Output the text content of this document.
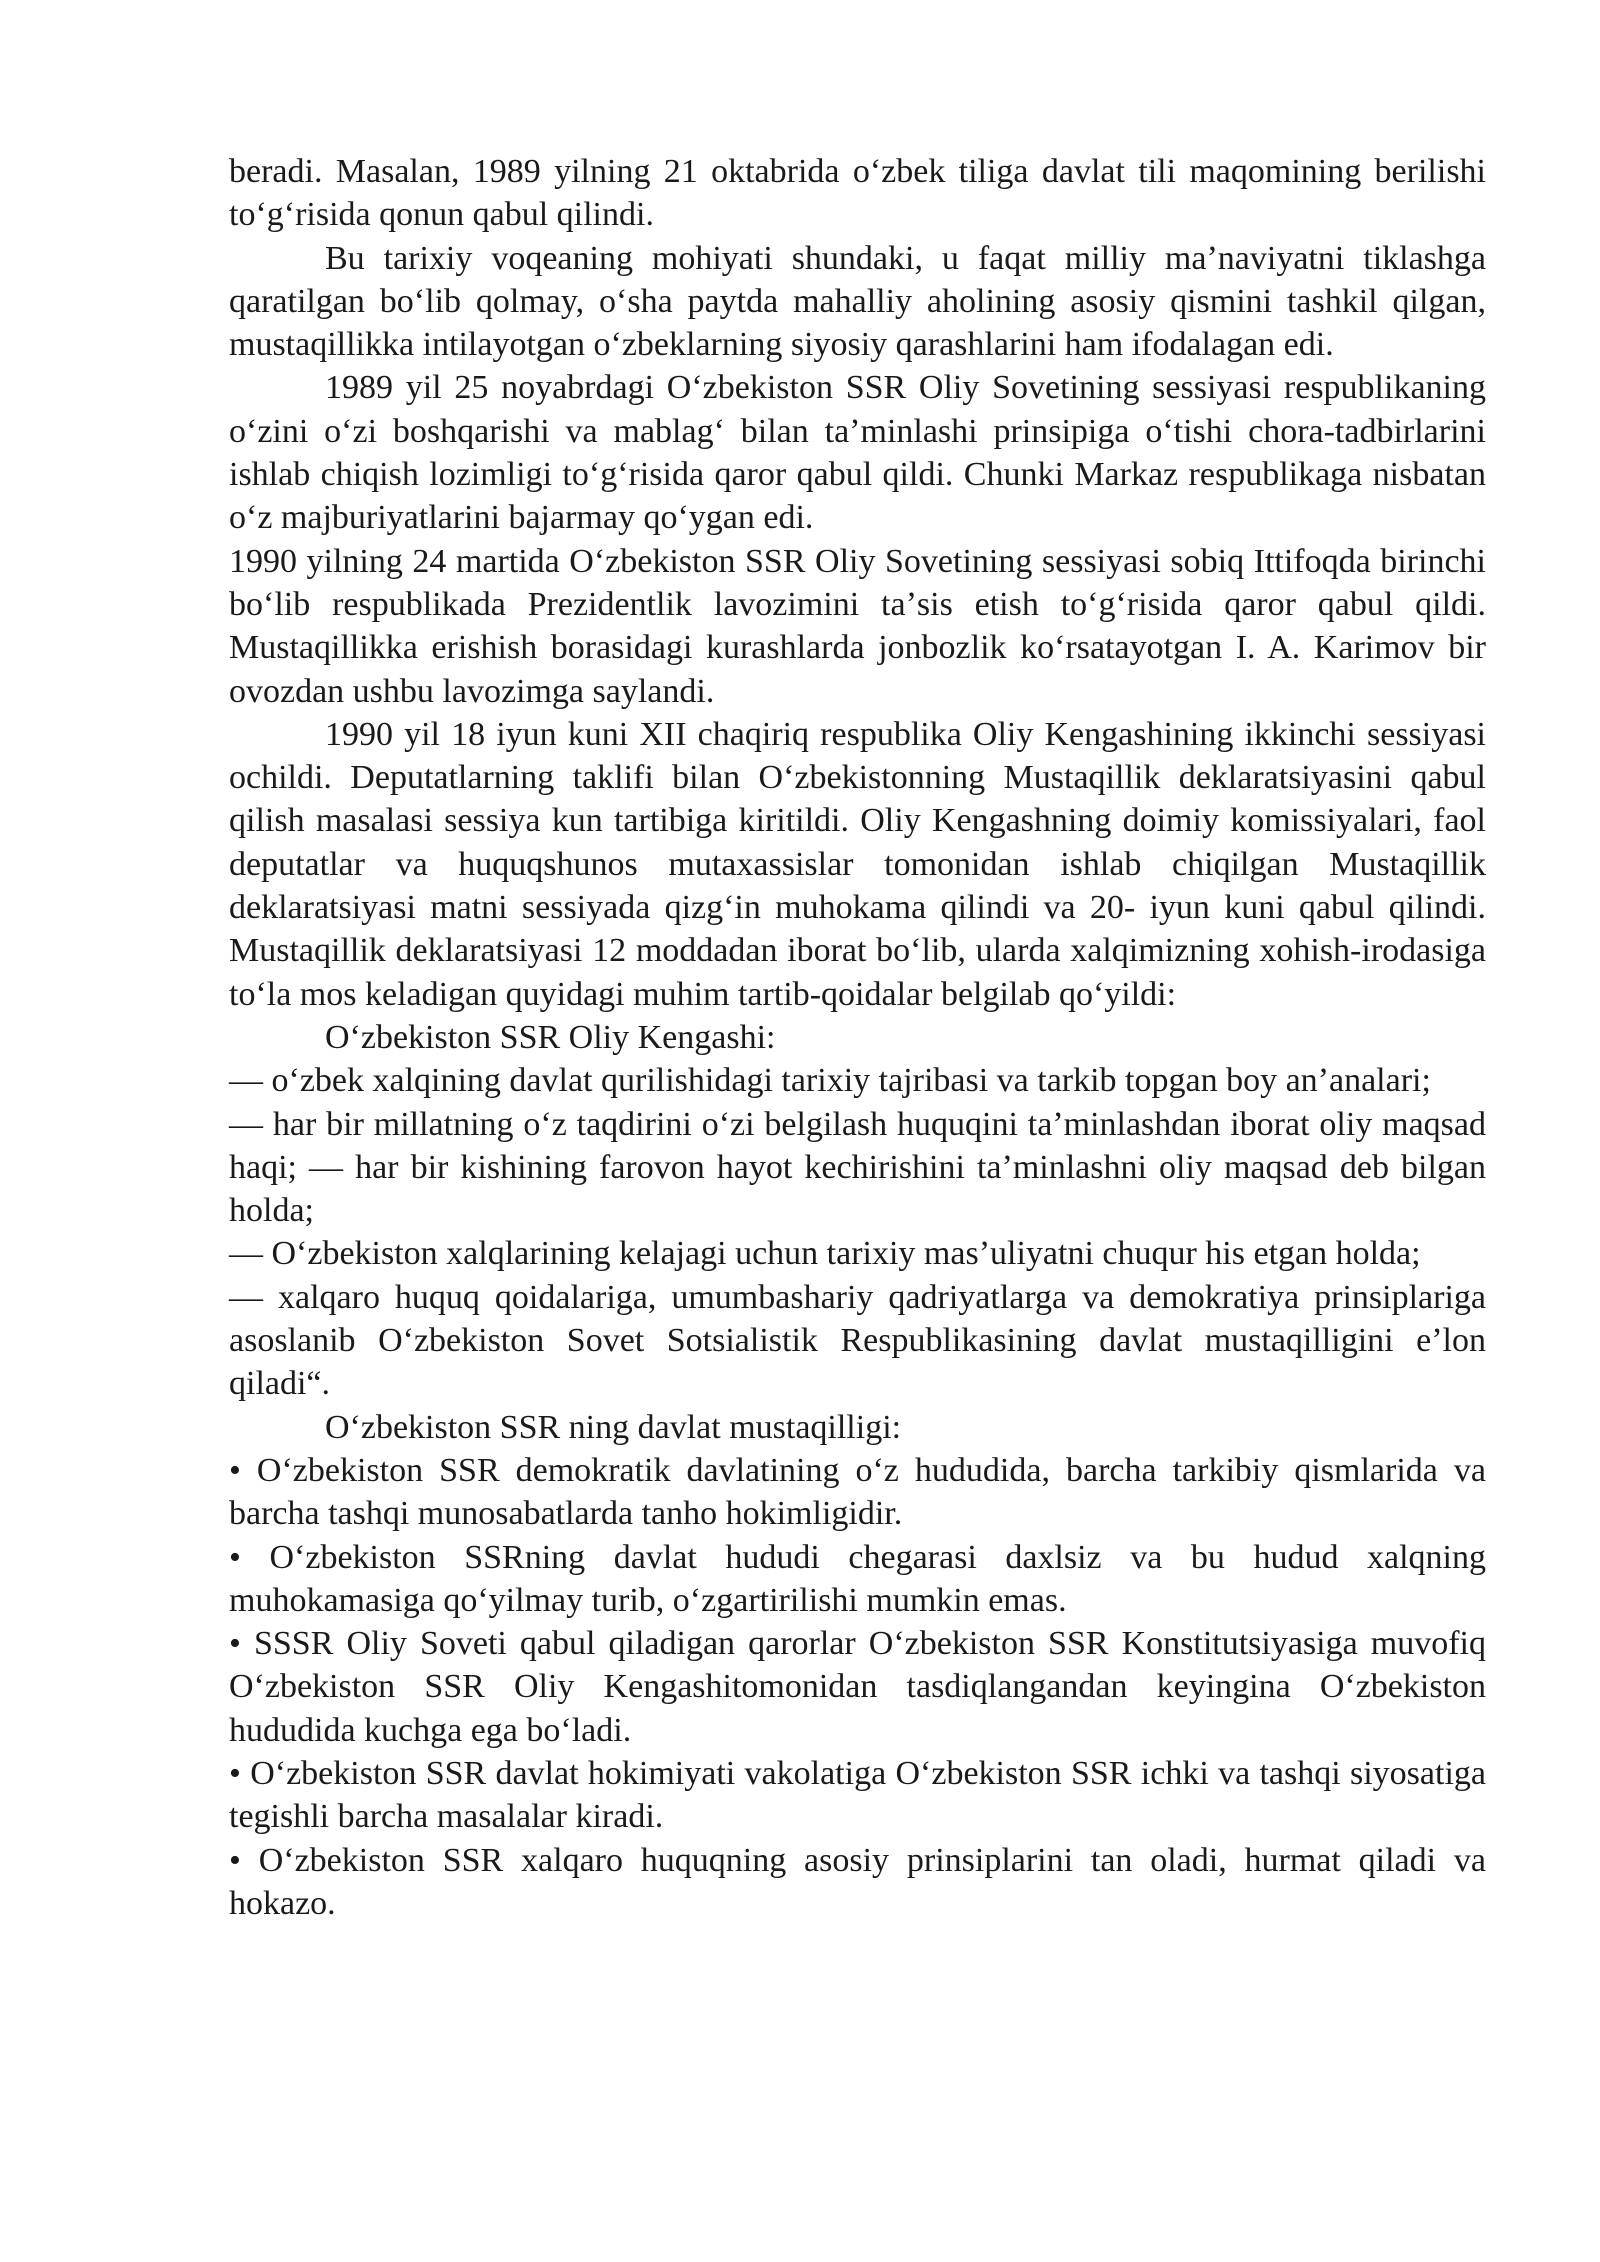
beradi. Masalan, 1989 yilning 21 oktabrida oʻzbek tiliga davlat tili maqomining berilishi toʻgʻrisida qonun qabul qilindi.

Bu tarixiy voqeaning mohiyati shundaki, u faqat milliy maʼnaviyatni tiklashga qaratilgan boʻlib qolmay, oʻsha paytda mahalliy aholining asosiy qismini tashkil qilgan, mustaqillikka intilayotgan oʻzbeklarning siyosiy qarashlarini ham ifodalagan edi.

1989 yil 25 noyabrdagi Oʻzbekiston SSR Oliy Sovetining sessiyasi respublikaning oʻzini oʻzi boshqarishi va mablagʻ bilan taʼminlashi prinsipiga oʻtishi chora-tadbirlarini ishlab chiqish lozimligi toʻgʻrisida qaror qabul qildi. Chunki Markaz respublikaga nisbatan oʻz majburiyatlarini bajarmay qoʻygan edi.

1990 yilning 24 martida Oʻzbekiston SSR Oliy Sovetining sessiyasi sobiq Ittifoqda birinchi boʻlib respublikada Prezidentlik lavozimini taʼsis etish toʻgʻrisida qaror qabul qildi. Mustaqillikka erishish borasidagi kurashlarda jonbozlik koʻrsatayotgan I. A. Karimov bir ovozdan ushbu lavozimga saylandi.

1990 yil 18 iyun kuni XII chaqiriq respublika Oliy Kengashining ikkinchi sessiyasi ochildi. Deputatlarning taklifi bilan Oʻzbekistonning Mustaqillik deklaratsiyasini qabul qilish masalasi sessiya kun tartibiga kiritildi. Oliy Kengashning doimiy komissiyalari, faol deputatlar va huquqshunos mutaxassislar tomonidan ishlab chiqilgan Mustaqillik deklaratsiyasi matni sessiyada qizgʻin muhokama qilindi va 20- iyun kuni qabul qilindi. Mustaqillik deklaratsiyasi 12 moddadan iborat boʻlib, ularda xalqimizning xohish-irodasiga toʻla mos keladigan quyidagi muhim tartib-qoidalar belgilab qoʻyildi:

Oʻzbekiston SSR Oliy Kengashi:

— oʻzbek xalqining davlat qurilishidagi tarixiy tajribasi va tarkib topgan boy anʼanalari;

— har bir millatning oʻz taqdirini oʻzi belgilash huquqini taʼminlashdan iborat oliy maqsad haqi; — har bir kishining farovon hayot kechirishini taʼminlashni oliy maqsad deb bilgan holda;

— Oʻzbekiston xalqlarining kelajagi uchun tarixiy masʼuliyatni chuqur his etgan holda;

— xalqaro huquq qoidalariga, umumbashariy qadriyatlarga va demokratiya prinsiplariga asoslanib Oʻzbekiston Sovet Sotsialistik Respublikasining davlat mustaqilligini eʼlon qiladi“.

Oʻzbekiston SSR ning davlat mustaqilligi:

• Oʻzbekiston SSR demokratik davlatining oʻz hududida, barcha tarkibiy qismlarida va barcha tashqi munosabatlarda tanho hokimligidir.

• Oʻzbekiston SSRning davlat hududi chegarasi daxlsiz va bu hudud xalqning muhokamasiga qoʻyilmay turib, oʻzgartirilishi mumkin emas.

• SSSR Oliy Soveti qabul qiladigan qarorlar Oʻzbekiston SSR Konstitutsiyasiga muvofiq Oʻzbekiston SSR Oliy Kengashitomonidan tasdiqlangandan keyingina Oʻzbekiston hududida kuchga ega boʻladi.

• Oʻzbekiston SSR davlat hokimiyati vakolatiga Oʻzbekiston SSR ichki va tashqi siyosatiga tegishli barcha masalalar kiradi.

• Oʻzbekiston SSR xalqaro huquqning asosiy prinsiplarini tan oladi, hurmat qiladi va hokazo.
